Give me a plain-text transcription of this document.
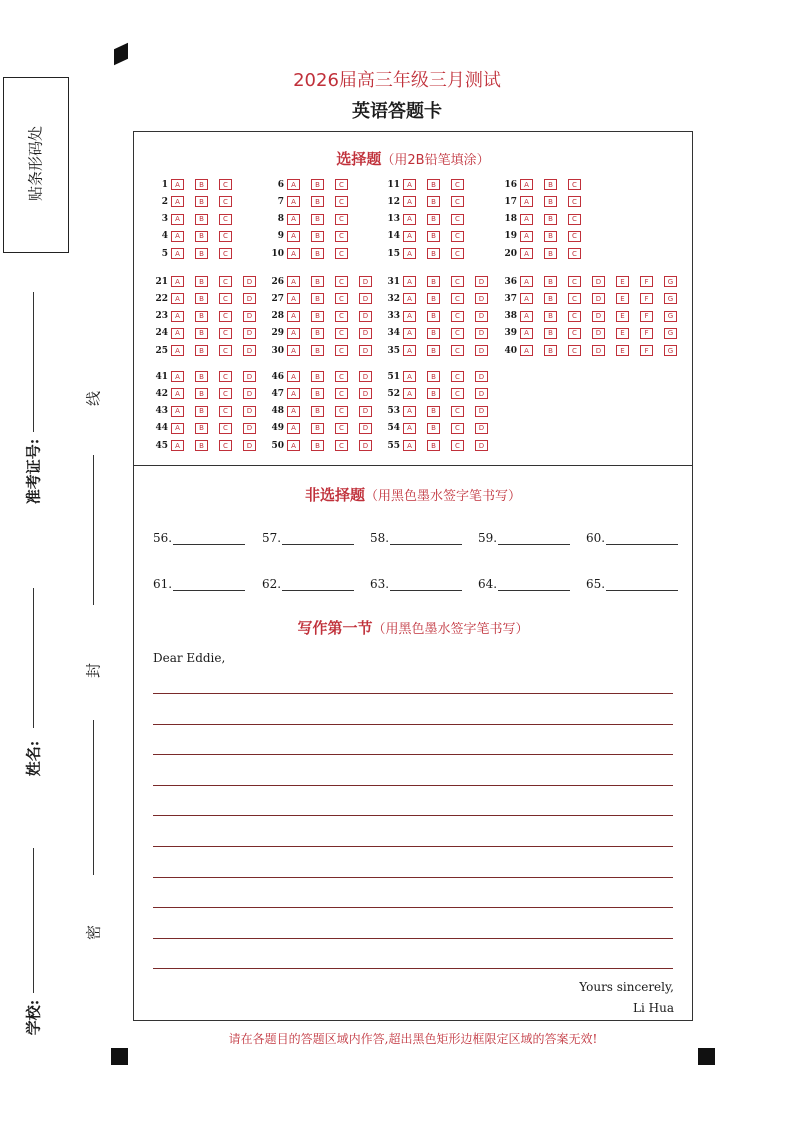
贴条形码处
准考证号:
姓名:
学校:
线
封
密
2026届高三年级三月测试
英语答题卡
选择题（用2B铅笔填涂）
1	A	B	C
2	A	B	C
3	A	B	C
4	A	B	C
5	A	B	C
6	A	B	C
7	A	B	C
8	A	B	C
9	A	B	C
10	A	B	C
11	A	B	C
12	A	B	C
13	A	B	C
14	A	B	C
15	A	B	C
16	A	B	C
17	A	B	C
18	A	B	C
19	A	B	C
20	A	B	C
21	A	B	C	D
22	A	B	C	D
23	A	B	C	D
24	A	B	C	D
25	A	B	C	D
26	A	B	C	D
27	A	B	C	D
28	A	B	C	D
29	A	B	C	D
30	A	B	C	D
31	A	B	C	D
32	A	B	C	D
33	A	B	C	D
34	A	B	C	D
35	A	B	C	D
36	A	B	C	D	E	F	G
37	A	B	C	D	E	F	G
38	A	B	C	D	E	F	G
39	A	B	C	D	E	F	G
40	A	B	C	D	E	F	G
41	A	B	C	D
42	A	B	C	D
43	A	B	C	D
44	A	B	C	D
45	A	B	C	D
46	A	B	C	D
47	A	B	C	D
48	A	B	C	D
49	A	B	C	D
50	A	B	C	D
51	A	B	C	D
52	A	B	C	D
53	A	B	C	D
54	A	B	C	D
55	A	B	C	D
非选择题（用黑色墨水签字笔书写）
56.	57.	58.	59.	60.
61.	62.	63.	64.	65.
写作第一节（用黑色墨水签字笔书写）
Dear Eddie,
Yours sincerely,
Li Hua
请在各题目的答题区域内作答,超出黑色矩形边框限定区域的答案无效!
